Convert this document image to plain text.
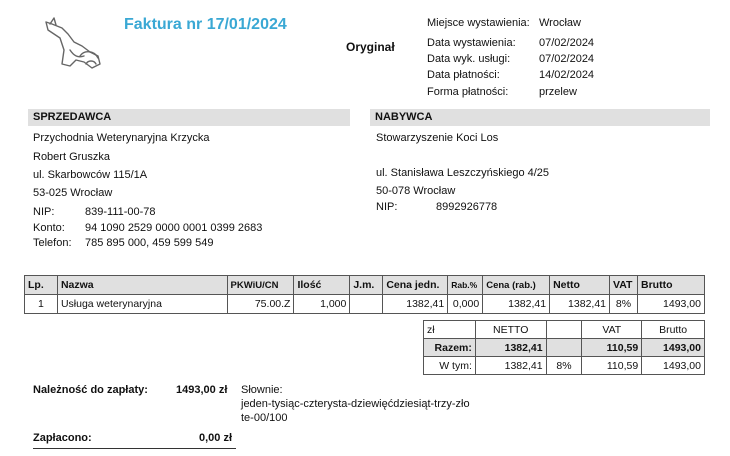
Faktura nr 17/01/2024
Oryginał
Miejsce wystawienia: Wrocław
Data wystawienia: 07/02/2024
Data wyk. usługi:	07/02/2024
Data płatności:	14/02/2024
Forma płatności:	przelew
SPRZEDAWCA
Przychodnia Weterynaryjna Krzycka
Robert Gruszka
ul. Skarbowców 115/1A
53-025 Wrocław
NIP:	839-111-00-78
Konto: 94 1090 2529 0000 0001 0399 2683
Telefon: 785 895 000, 459 599 549
NABYWCA
Stowarzyszenie Koci Los
ul. Stanisława Leszczyńskiego 4/25
50-078 Wrocław
NIP:	8992926778
Lp.	Nazwa	PKWiU/CN	Ilość	J.m.	Cena jedn.	Rab.%	Cena (rab.)	Netto	VAT	Brutto
1	Usługa weterynaryjna	75.00.Z	1,000		1382,41	0,000	1382,41	1382,41	8%	1493,00
zł	NETTO		VAT	Brutto
Razem:	1382,41		110,59	1493,00
W tym:	1382,41	8%	110,59	1493,00
Należność do zapłaty:	1493,00 zł Słownie:
jeden-tysiąc-czterysta-dziewięćdziesiąt-trzy-zło
te-00/100
Zapłacono:	0,00 zł
